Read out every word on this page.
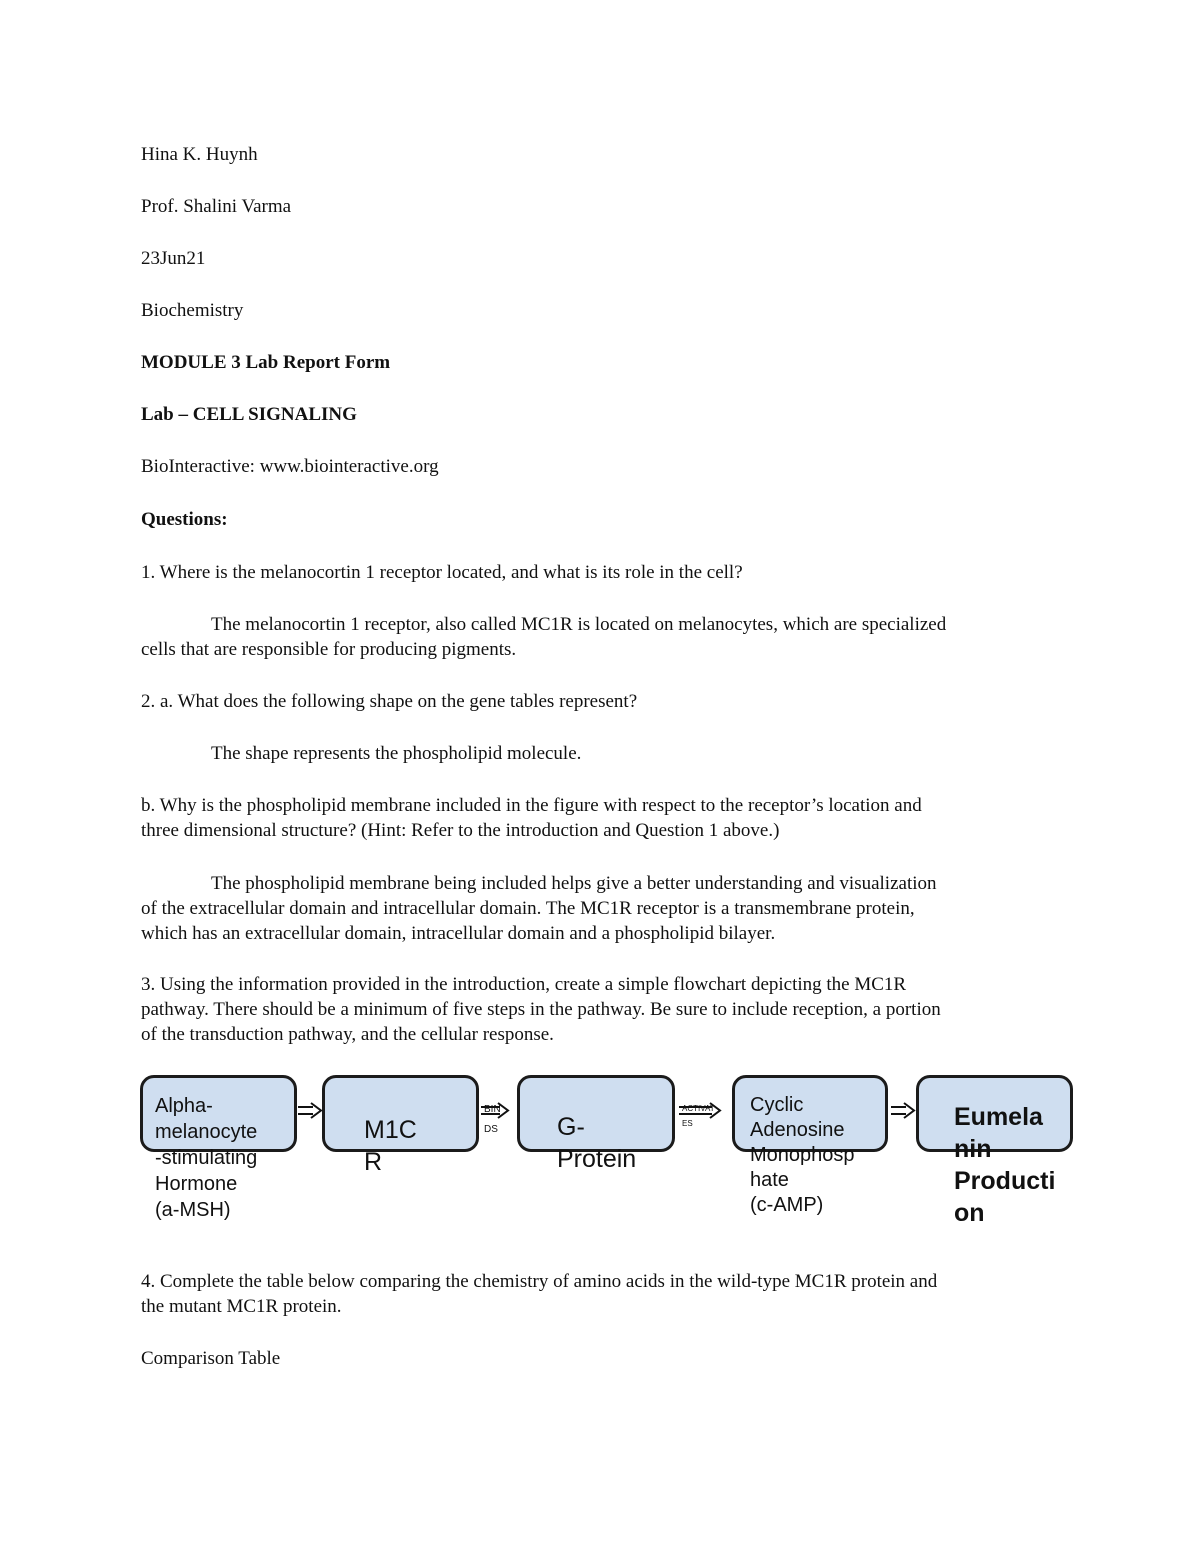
Hina K. Huynh
Prof. Shalini Varma
23Jun21
Biochemistry
MODULE 3 Lab Report Form
Lab – CELL SIGNALING
BioInteractive: www.biointeractive.org
Questions:
1. Where is the melanocortin 1 receptor located, and what is its role in the cell?
The melanocortin 1 receptor, also called MC1R is located on melanocytes, which are specialized
cells that are responsible for producing pigments.
2. a. What does the following shape on the gene tables represent?
The shape represents the phospholipid molecule.
b. Why is the phospholipid membrane included in the figure with respect to the receptor’s location and
three dimensional structure? (Hint: Refer to the introduction and Question 1 above.)
The phospholipid membrane being included helps give a better understanding and visualization
of the extracellular domain and intracellular domain. The MC1R receptor is a transmembrane protein,
which has an extracellular domain, intracellular domain and a phospholipid bilayer.
3. Using the information provided in the introduction, create a simple flowchart depicting the MC1R
pathway. There should be a minimum of five steps in the pathway. Be sure to include reception, a portion
of the transduction pathway, and the cellular response.
Alpha-
melanocyte
-stimulating
Hormone
(a-MSH)
M1C
R
G-
Protein
Cyclic
Adenosine
Monophosp
hate
(c-AMP)
Eumela
nin
Producti
on
BIN
DS
ACTIVAT
ES
4. Complete the table below comparing the chemistry of amino acids in the wild-type MC1R protein and
the mutant MC1R protein.
Comparison Table
